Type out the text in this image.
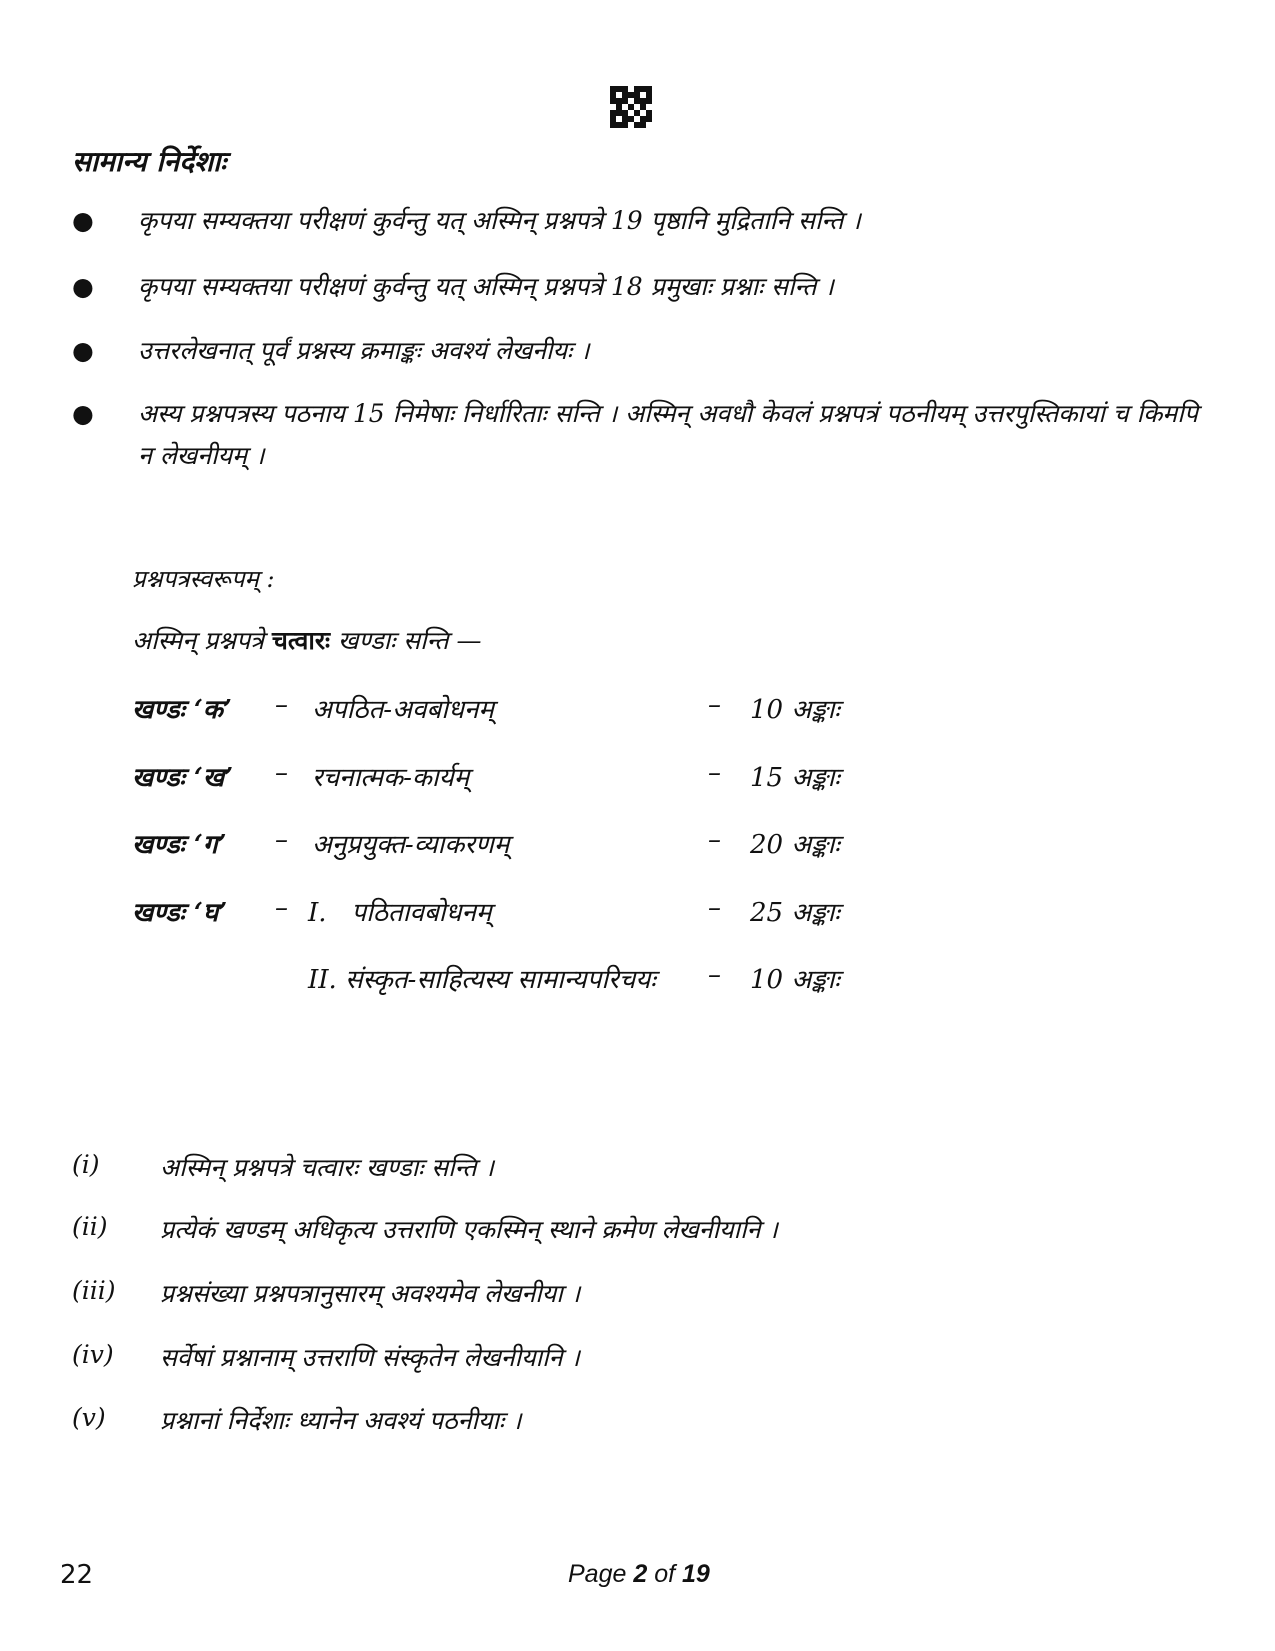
सामान्य निर्देशाः
● कृपया सम्यक्तया परीक्षणं कुर्वन्तु यत् अस्मिन् प्रश्नपत्रे 19 पृष्ठानि मुद्रितानि सन्ति ।
● कृपया सम्यक्तया परीक्षणं कुर्वन्तु यत् अस्मिन् प्रश्नपत्रे 18 प्रमुखाः प्रश्नाः सन्ति ।
● उत्तरलेखनात् पूर्वं प्रश्नस्य क्रमाङ्कः अवश्यं लेखनीयः ।
● अस्य प्रश्नपत्रस्य पठनाय 15 निमेषाः निर्धारिताः सन्ति । अस्मिन् अवधौ केवलं प्रश्नपत्रं पठनीयम् उत्तरपुस्तिकायां च किमपि न लेखनीयम् ।
प्रश्नपत्रस्वरूपम् :
अस्मिन् प्रश्नपत्रे चत्वारः खण्डाः सन्ति —
खण्डः ‘क’ – अपठित-अवबोधनम्	– 10 अङ्काः
खण्डः ‘ख’ – रचनात्मक-कार्यम्	– 15 अङ्काः
खण्डः ‘ग’ – अनुप्रयुक्त-व्याकरणम्	– 20 अङ्काः
खण्डः ‘घ’ – I.   पठितावबोधनम्	– 25 अङ्काः
II. संस्कृत-साहित्यस्य सामान्यपरिचयः – 10 अङ्काः
(i)	अस्मिन् प्रश्नपत्रे चत्वारः खण्डाः सन्ति ।
(ii)	प्रत्येकं खण्डम् अधिकृत्य उत्तराणि एकस्मिन् स्थाने क्रमेण लेखनीयानि ।
(iii)	प्रश्नसंख्या प्रश्नपत्रानुसारम् अवश्यमेव लेखनीया ।
(iv)	सर्वेषां प्रश्नानाम् उत्तराणि संस्कृतेन लेखनीयानि ।
(v)	प्रश्नानां निर्देशाः ध्यानेन अवश्यं पठनीयाः ।
22	Page 2 of 19
